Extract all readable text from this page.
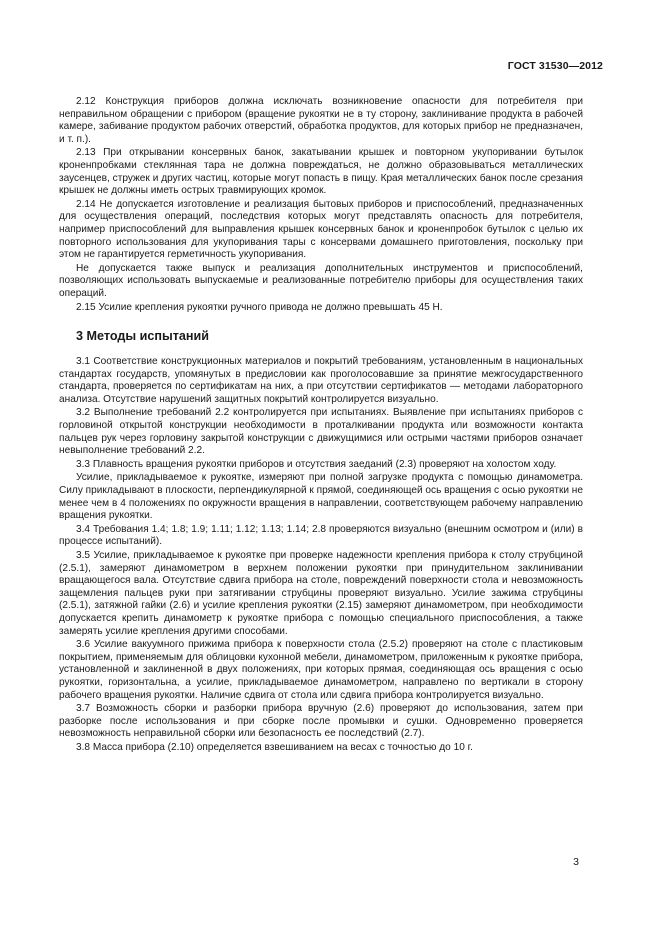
ГОСТ 31530—2012

2.12 Конструкция приборов должна исключать возникновение опасности для потребителя при неправильном обращении с прибором (вращение рукоятки не в ту сторону, заклинивание продукта в рабочей камере, забивание продуктом рабочих отверстий, обработка продуктов, для которых прибор не предназначен, и т. п.).

2.13 При открывании консервных банок, закатывании крышек и повторном укупоривании бутылок кроненпробками стеклянная тара не должна повреждаться, не должно образовываться металлических заусенцев, стружек и других частиц, которые могут попасть в пищу. Края металлических банок после срезания крышек не должны иметь острых травмирующих кромок.

2.14 Не допускается изготовление и реализация бытовых приборов и приспособлений, предназначенных для осуществления операций, последствия которых могут представлять опасность для потребителя, например приспособлений для выправления крышек консервных банок и кроненпробок бутылок с целью их повторного использования для укупоривания тары с консервами домашнего приготовления, поскольку при этом не гарантируется герметичность укупоривания.

Не допускается также выпуск и реализация дополнительных инструментов и приспособлений, позволяющих использовать выпускаемые и реализованные потребителю приборы для осуществления таких операций.

2.15 Усилие крепления рукоятки ручного привода не должно превышать 45 Н.

3 Методы испытаний

3.1 Соответствие конструкционных материалов и покрытий требованиям, установленным в национальных стандартах государств, упомянутых в предисловии как проголосовавшие за принятие межгосударственного стандарта, проверяется по сертификатам на них, а при отсутствии сертификатов — методами лабораторного анализа. Отсутствие нарушений защитных покрытий контролируется визуально.

3.2 Выполнение требований 2.2 контролируется при испытаниях. Выявление при испытаниях приборов с горловиной открытой конструкции необходимости в проталкивании продукта или возможности контакта пальцев рук через горловину закрытой конструкции с движущимися или острыми частями приборов означает невыполнение требований 2.2.

3.3 Плавность вращения рукоятки приборов и отсутствия заеданий (2.3) проверяют на холостом ходу.

Усилие, прикладываемое к рукоятке, измеряют при полной загрузке продукта с помощью динамометра. Силу прикладывают в плоскости, перпендикулярной к прямой, соединяющей ось вращения с осью рукоятки не менее чем в 4 положениях по окружности вращения в направлении, соответствующем рабочему направлению вращения рукоятки.

3.4 Требования 1.4; 1.8; 1.9; 1.11; 1.12; 1.13; 1.14; 2.8 проверяются визуально (внешним осмотром и (или) в процессе испытаний).

3.5 Усилие, прикладываемое к рукоятке при проверке надежности крепления прибора к столу струбциной (2.5.1), замеряют динамометром в верхнем положении рукоятки при принудительном заклинивании вращающегося вала. Отсутствие сдвига прибора на столе, повреждений поверхности стола и невозможность защемления пальцев руки при затягивании струбцины проверяют визуально. Усилие зажима струбцины (2.5.1), затяжной гайки (2.6) и усилие крепления рукоятки (2.15) замеряют динамометром, при необходимости допускается крепить динамометр к рукоятке прибора с помощью специального приспособления, а также замерять усилие крепления другими способами.

3.6 Усилие вакуумного прижима прибора к поверхности стола (2.5.2) проверяют на столе с пластиковым покрытием, применяемым для облицовки кухонной мебели, динамометром, приложенным к рукоятке прибора, установленной и заклиненной в двух положениях, при которых прямая, соединяющая ось вращения с осью рукоятки, горизонтальна, а усилие, прикладываемое динамометром, направлено по вертикали в сторону рабочего вращения рукоятки. Наличие сдвига от стола или сдвига прибора контролируется визуально.

3.7 Возможность сборки и разборки прибора вручную (2.6) проверяют до использования, затем при разборке после использования и при сборке после промывки и сушки. Одновременно проверяется невозможность неправильной сборки или безопасность ее последствий (2.7).

3.8 Масса прибора (2.10) определяется взвешиванием на весах с точностью до 10 г.

3
